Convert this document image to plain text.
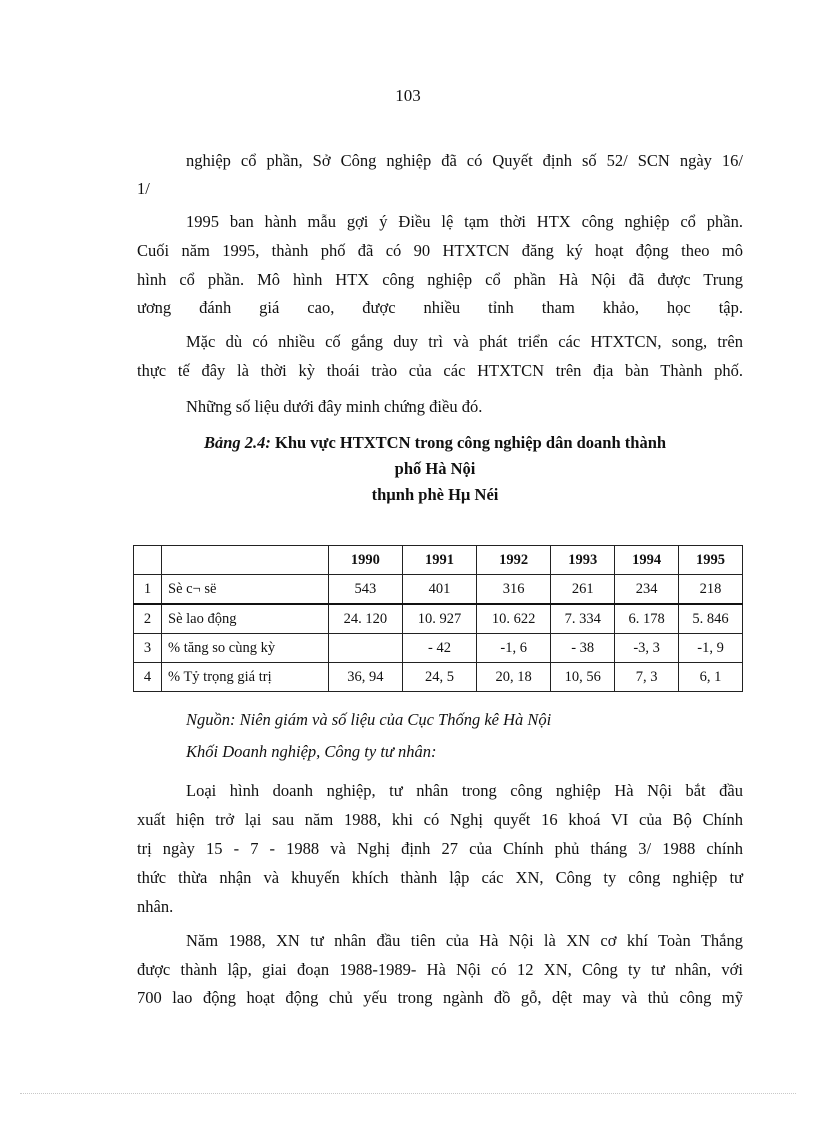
103
nghiệp cổ phần, Sở Công nghiệp đã có Quyết định số 52/ SCN ngày 16/
1/
1995 ban hành mẫu gợi ý Điều lệ tạm thời HTX công nghiệp cổ phần.
Cuối năm 1995, thành phố đã có 90 HTXTCN đăng ký hoạt động theo mô
hình cổ phần. Mô hình HTX công nghiệp cổ phần Hà Nội đã được Trung
ương đánh giá cao, được nhiều tỉnh tham khảo, học tập.
Mặc dù có nhiều cố gắng duy trì và phát triển các HTXTCN, song, trên
thực tế đây là thời kỳ thoái trào của các HTXTCN trên địa bàn Thành phố.
Những số liệu dưới đây minh chứng điều đó.
Bảng 2.4: Khu vực HTXTCN trong công nghiệp dân doanh thành
phố Hà Nội
thµnh phè Hµ Néi
		1990	1991	1992	1993	1994	1995
1	Sè c¬ së	543	401	316	261	234	218
2	Sè lao động	24. 120	10. 927	10. 622	7. 334	6. 178	5. 846
3	% tăng so cùng kỳ		- 42	-1, 6	- 38	-3, 3	-1, 9
4	% Tỷ trọng giá trị	36, 94	24, 5	20, 18	10, 56	7, 3	6, 1
Nguồn: Niên giám và số liệu của Cục Thống kê Hà Nội
Khối Doanh nghiệp, Công ty tư nhân:
Loại hình doanh nghiệp, tư nhân trong công nghiệp Hà Nội bắt đầu
xuất hiện trở lại sau năm 1988, khi có Nghị quyết 16 khoá VI của Bộ Chính
trị ngày 15 - 7 - 1988 và Nghị định 27 của Chính phủ tháng 3/ 1988 chính
thức thừa nhận và khuyến khích thành lập các XN, Công ty công nghiệp tư
nhân.
Năm 1988, XN tư nhân đầu tiên của Hà Nội là XN cơ khí Toàn Thắng
được thành lập, giai đoạn 1988-1989- Hà Nội có 12 XN, Công ty tư nhân, với
700 lao động hoạt động chủ yếu trong ngành đồ gỗ, dệt may và thủ công mỹ
